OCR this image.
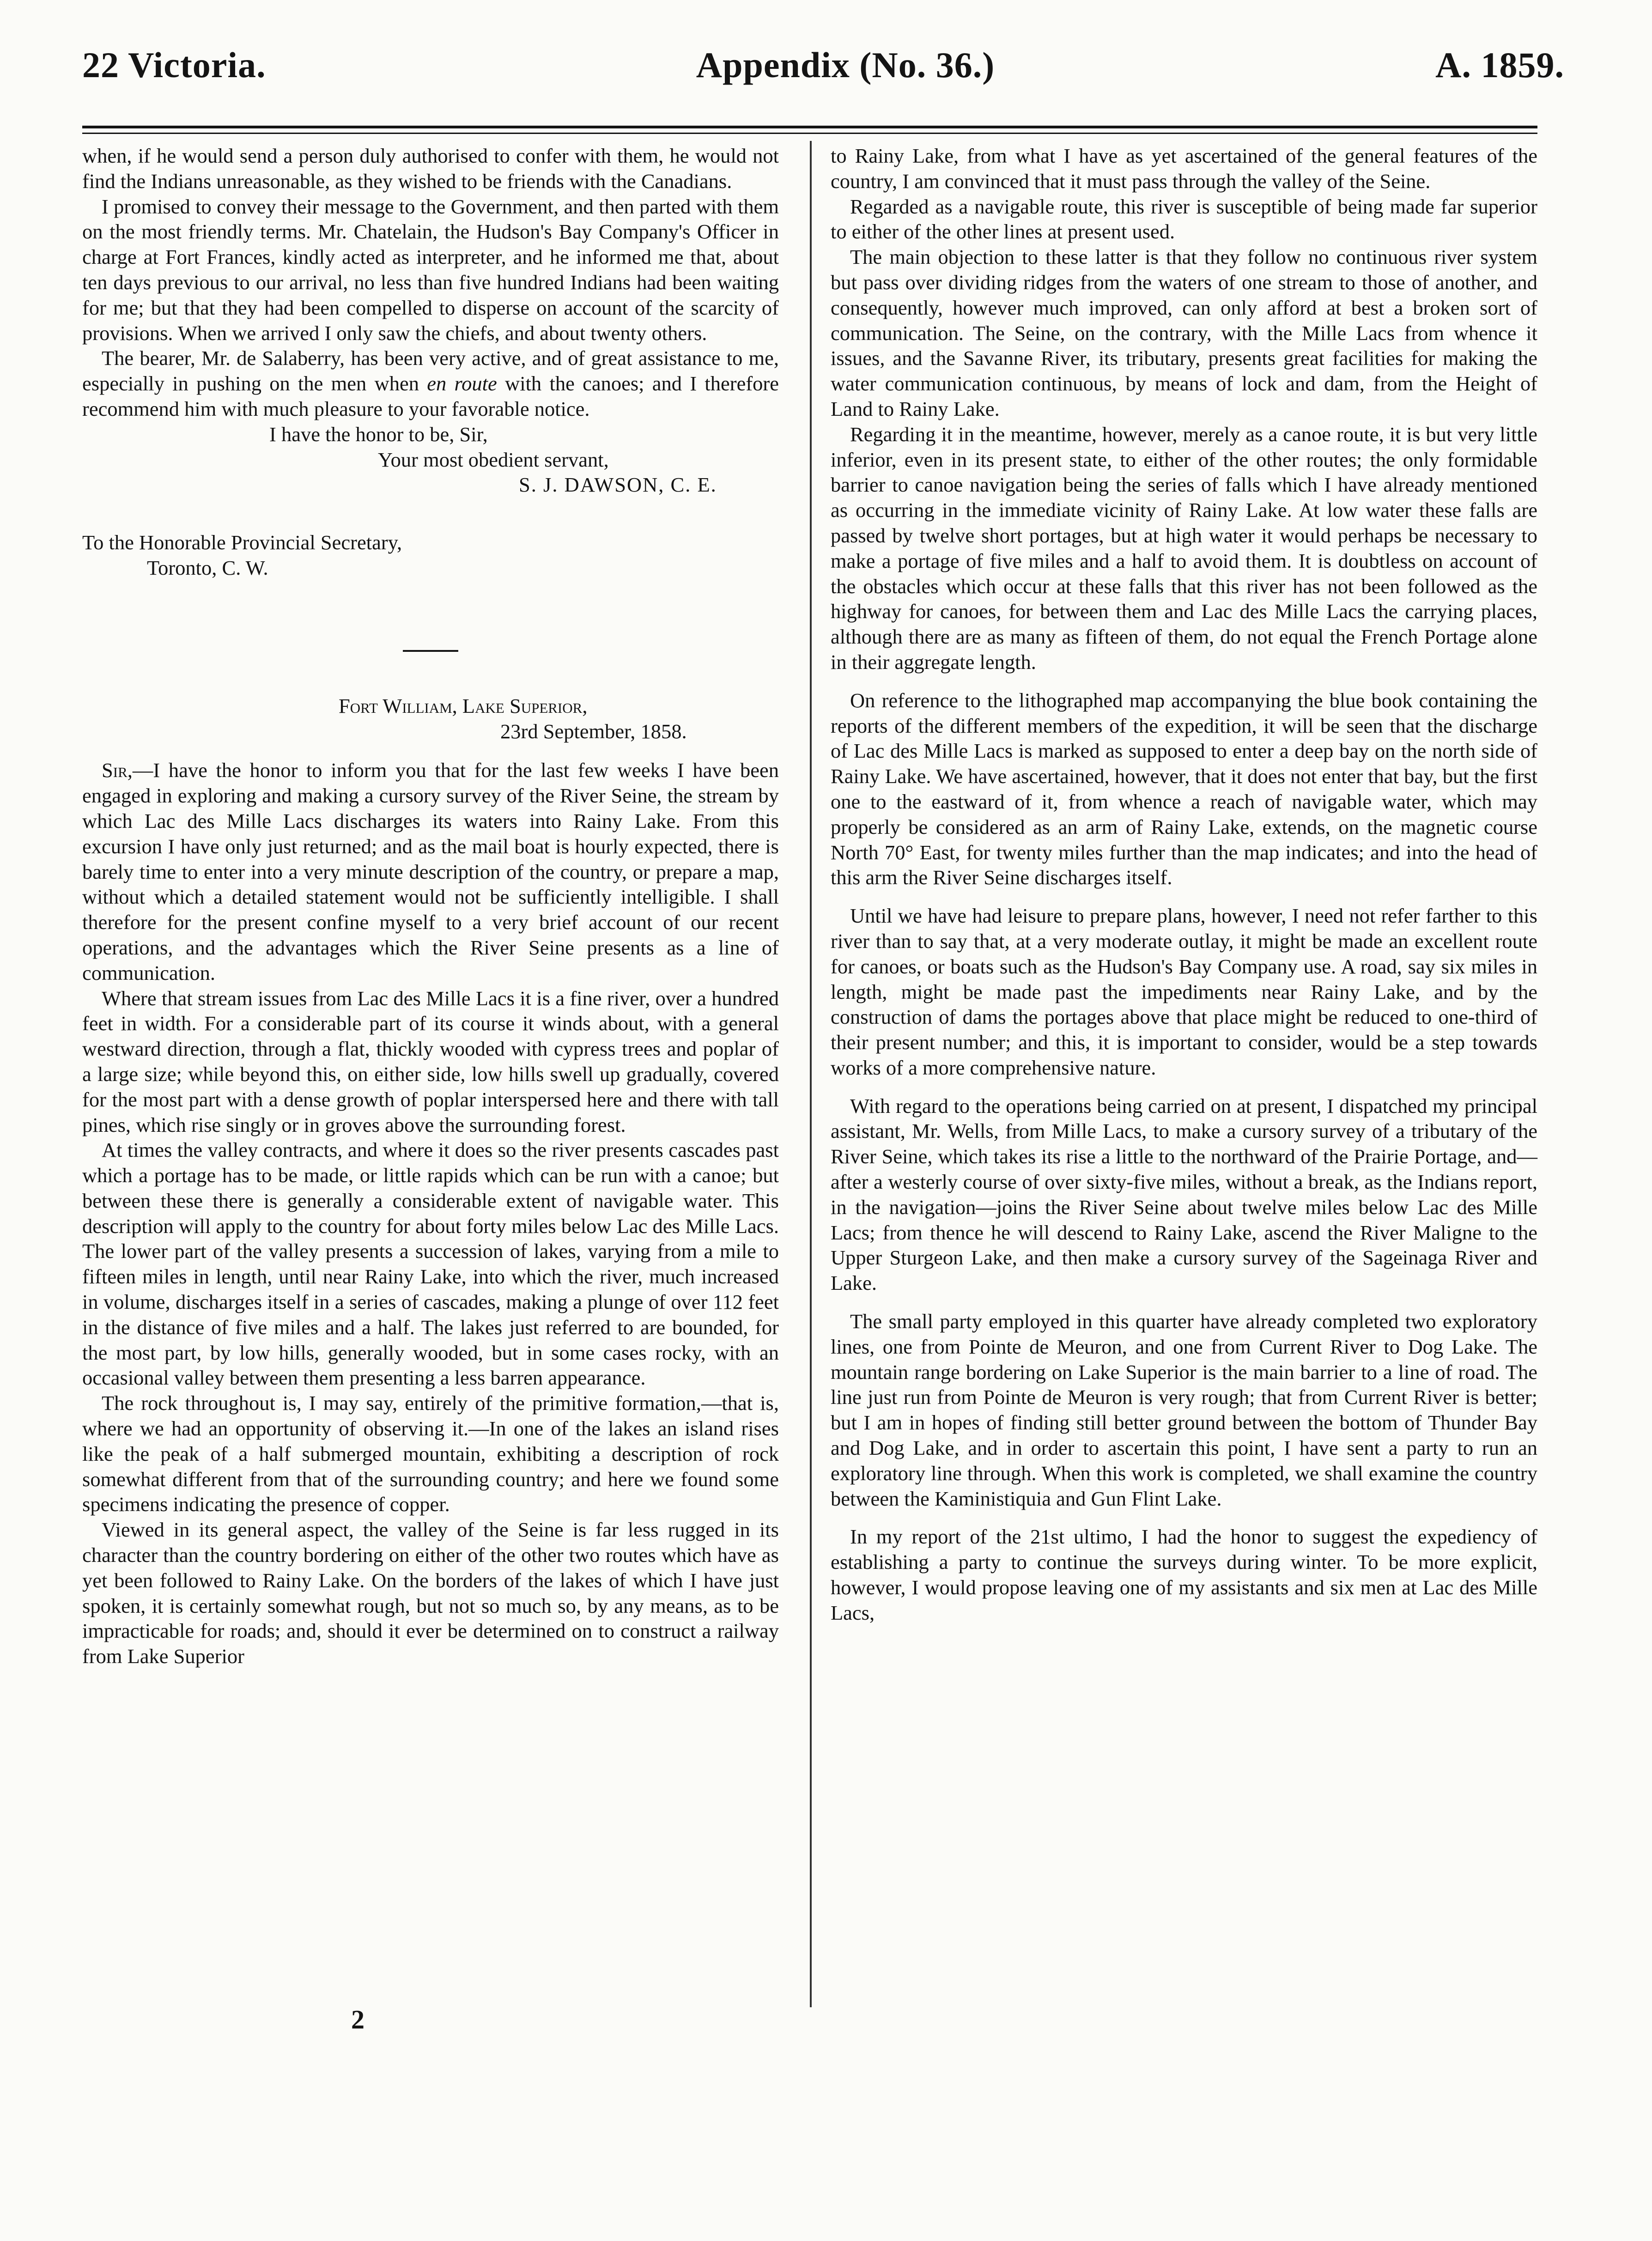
22 Victoria.	Appendix (No. 36.)	A. 1859.

when, if he would send a person duly authorised to confer with them, he would not find the Indians unreasonable, as they wished to be friends with the Canadians.

I promised to convey their message to the Government, and then parted with them on the most friendly terms. Mr. Chatelain, the Hudson's Bay Company's Officer in charge at Fort Frances, kindly acted as interpreter, and he informed me that, about ten days previous to our arrival, no less than five hundred Indians had been waiting for me; but that they had been compelled to disperse on account of the scarcity of provisions. When we arrived I only saw the chiefs, and about twenty others.

The bearer, Mr. de Salaberry, has been very active, and of great assistance to me, especially in pushing on the men when en route with the canoes; and I therefore recommend him with much pleasure to your favorable notice.

I have the honor to be, Sir,

Your most obedient servant,

S. J. DAWSON, C. E.

To the Honorable Provincial Secretary,

Toronto, C. W.

Fort William, Lake Superior,

23rd September, 1858.

Sir,—I have the honor to inform you that for the last few weeks I have been engaged in exploring and making a cursory survey of the River Seine, the stream by which Lac des Mille Lacs discharges its waters into Rainy Lake. From this excursion I have only just returned; and as the mail boat is hourly expected, there is barely time to enter into a very minute description of the country, or prepare a map, without which a detailed statement would not be sufficiently intelligible. I shall therefore for the present confine myself to a very brief account of our recent operations, and the advantages which the River Seine presents as a line of communication.

Where that stream issues from Lac des Mille Lacs it is a fine river, over a hundred feet in width. For a considerable part of its course it winds about, with a general westward direction, through a flat, thickly wooded with cypress trees and poplar of a large size; while beyond this, on either side, low hills swell up gradually, covered for the most part with a dense growth of poplar interspersed here and there with tall pines, which rise singly or in groves above the surrounding forest.

At times the valley contracts, and where it does so the river presents cascades past which a portage has to be made, or little rapids which can be run with a canoe; but between these there is generally a considerable extent of navigable water. This description will apply to the country for about forty miles below Lac des Mille Lacs. The lower part of the valley presents a succession of lakes, varying from a mile to fifteen miles in length, until near Rainy Lake, into which the river, much increased in volume, discharges itself in a series of cascades, making a plunge of over 112 feet in the distance of five miles and a half. The lakes just referred to are bounded, for the most part, by low hills, generally wooded, but in some cases rocky, with an occasional valley between them presenting a less barren appearance.

The rock throughout is, I may say, entirely of the primitive formation,—that is, where we had an opportunity of observing it.—In one of the lakes an island rises like the peak of a half submerged mountain, exhibiting a description of rock somewhat different from that of the surrounding country; and here we found some specimens indicating the presence of copper.

Viewed in its general aspect, the valley of the Seine is far less rugged in its character than the country bordering on either of the other two routes which have as yet been followed to Rainy Lake. On the borders of the lakes of which I have just spoken, it is certainly somewhat rough, but not so much so, by any means, as to be impracticable for roads; and, should it ever be determined on to construct a railway from Lake Superior

to Rainy Lake, from what I have as yet ascertained of the general features of the country, I am convinced that it must pass through the valley of the Seine.

Regarded as a navigable route, this river is susceptible of being made far superior to either of the other lines at present used.

The main objection to these latter is that they follow no continuous river system but pass over dividing ridges from the waters of one stream to those of another, and consequently, however much improved, can only afford at best a broken sort of communication. The Seine, on the contrary, with the Mille Lacs from whence it issues, and the Savanne River, its tributary, presents great facilities for making the water communication continuous, by means of lock and dam, from the Height of Land to Rainy Lake.

Regarding it in the meantime, however, merely as a canoe route, it is but very little inferior, even in its present state, to either of the other routes; the only formidable barrier to canoe navigation being the series of falls which I have already mentioned as occurring in the immediate vicinity of Rainy Lake. At low water these falls are passed by twelve short portages, but at high water it would perhaps be necessary to make a portage of five miles and a half to avoid them. It is doubtless on account of the obstacles which occur at these falls that this river has not been followed as the highway for canoes, for between them and Lac des Mille Lacs the carrying places, although there are as many as fifteen of them, do not equal the French Portage alone in their aggregate length.

On reference to the lithographed map accompanying the blue book containing the reports of the different members of the expedition, it will be seen that the discharge of Lac des Mille Lacs is marked as supposed to enter a deep bay on the north side of Rainy Lake. We have ascertained, however, that it does not enter that bay, but the first one to the eastward of it, from whence a reach of navigable water, which may properly be considered as an arm of Rainy Lake, extends, on the magnetic course North 70° East, for twenty miles further than the map indicates; and into the head of this arm the River Seine discharges itself.

Until we have had leisure to prepare plans, however, I need not refer farther to this river than to say that, at a very moderate outlay, it might be made an excellent route for canoes, or boats such as the Hudson's Bay Company use. A road, say six miles in length, might be made past the impediments near Rainy Lake, and by the construction of dams the portages above that place might be reduced to one-third of their present number; and this, it is important to consider, would be a step towards works of a more comprehensive nature.

With regard to the operations being carried on at present, I dispatched my principal assistant, Mr. Wells, from Mille Lacs, to make a cursory survey of a tributary of the River Seine, which takes its rise a little to the northward of the Prairie Portage, and—after a westerly course of over sixty-five miles, without a break, as the Indians report, in the navigation—joins the River Seine about twelve miles below Lac des Mille Lacs; from thence he will descend to Rainy Lake, ascend the River Maligne to the Upper Sturgeon Lake, and then make a cursory survey of the Sageinaga River and Lake.

The small party employed in this quarter have already completed two exploratory lines, one from Pointe de Meuron, and one from Current River to Dog Lake. The mountain range bordering on Lake Superior is the main barrier to a line of road. The line just run from Pointe de Meuron is very rough; that from Current River is better; but I am in hopes of finding still better ground between the bottom of Thunder Bay and Dog Lake, and in order to ascertain this point, I have sent a party to run an exploratory line through. When this work is completed, we shall examine the country between the Kaministiquia and Gun Flint Lake.

In my report of the 21st ultimo, I had the honor to suggest the expediency of establishing a party to continue the surveys during winter. To be more explicit, however, I would propose leaving one of my assistants and six men at Lac des Mille Lacs,

2
